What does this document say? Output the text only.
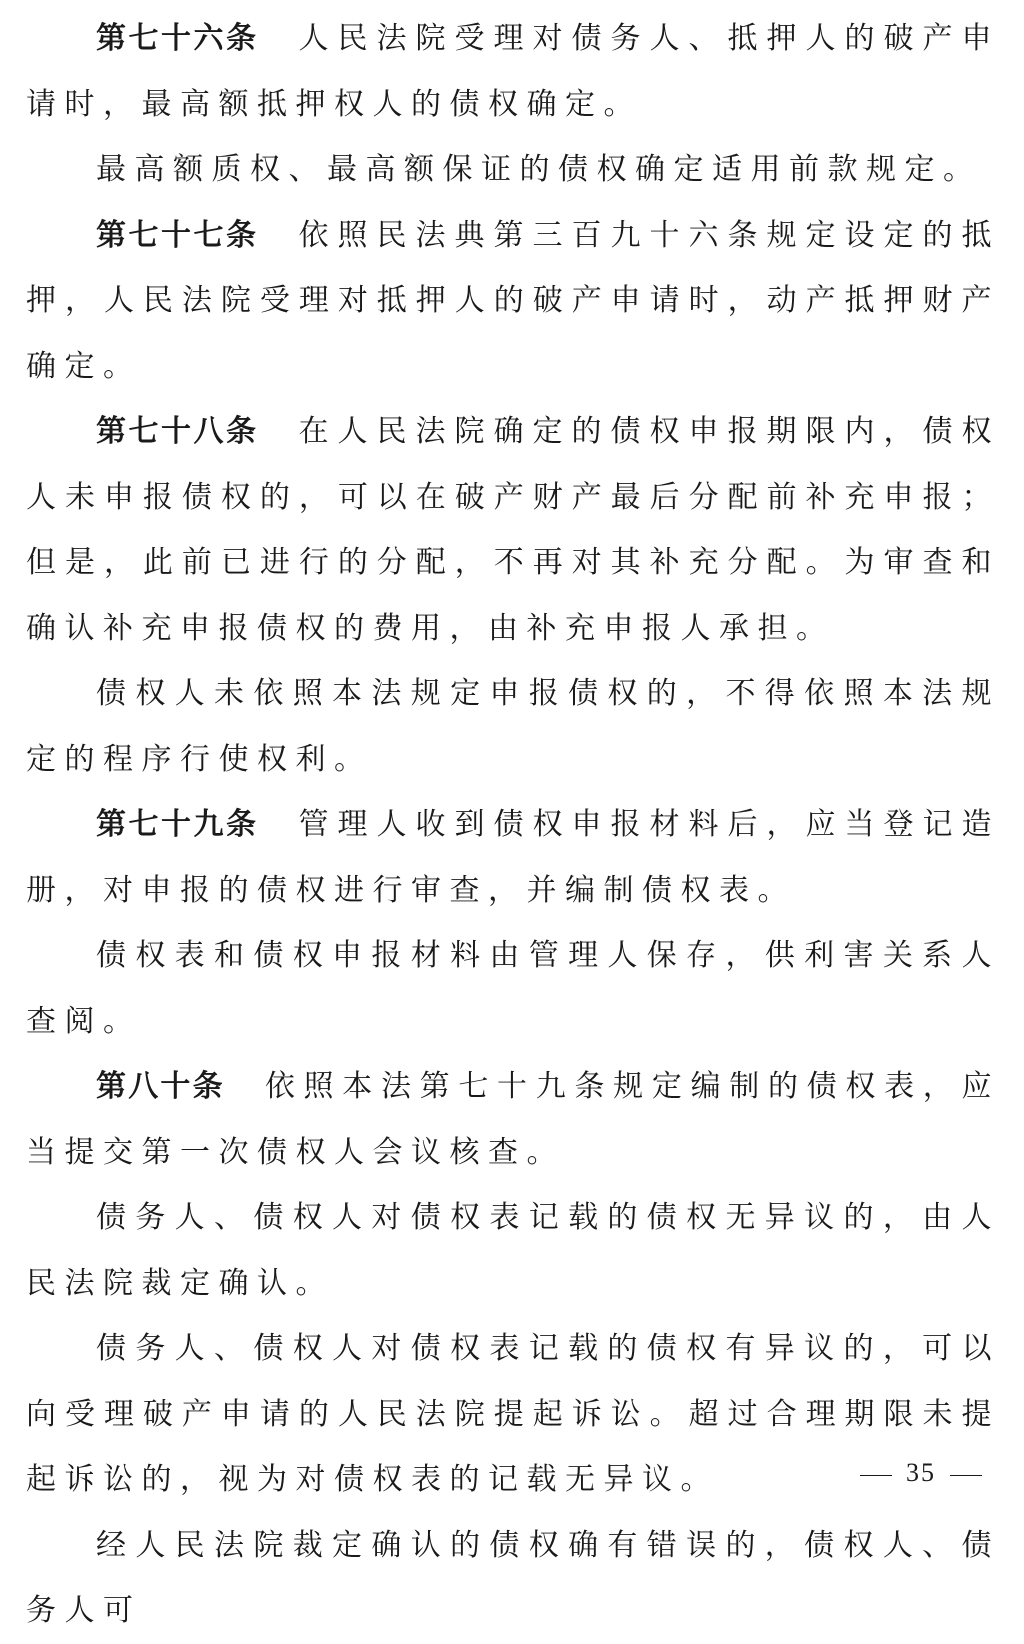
第七十六条 人民法院受理对债务人、抵押人的破产申请时，最高额抵押权人的债权确定。

最高额质权、最高额保证的债权确定适用前款规定。

第七十七条 依照民法典第三百九十六条规定设定的抵押，人民法院受理对抵押人的破产申请时，动产抵押财产确定。

第七十八条 在人民法院确定的债权申报期限内，债权人未申报债权的，可以在破产财产最后分配前补充申报；但是，此前已进行的分配，不再对其补充分配。为审查和确认补充申报债权的费用，由补充申报人承担。

债权人未依照本法规定申报债权的，不得依照本法规定的程序行使权利。

第七十九条 管理人收到债权申报材料后，应当登记造册，对申报的债权进行审查，并编制债权表。

债权表和债权申报材料由管理人保存，供利害关系人查阅。

第八十条 依照本法第七十九条规定编制的债权表，应当提交第一次债权人会议核查。

债务人、债权人对债权表记载的债权无异议的，由人民法院裁定确认。

债务人、债权人对债权表记载的债权有异议的，可以向受理破产申请的人民法院提起诉讼。超过合理期限未提起诉讼的，视为对债权表的记载无异议。

经人民法院裁定确认的债权确有错误的，债权人、债务人可

35
